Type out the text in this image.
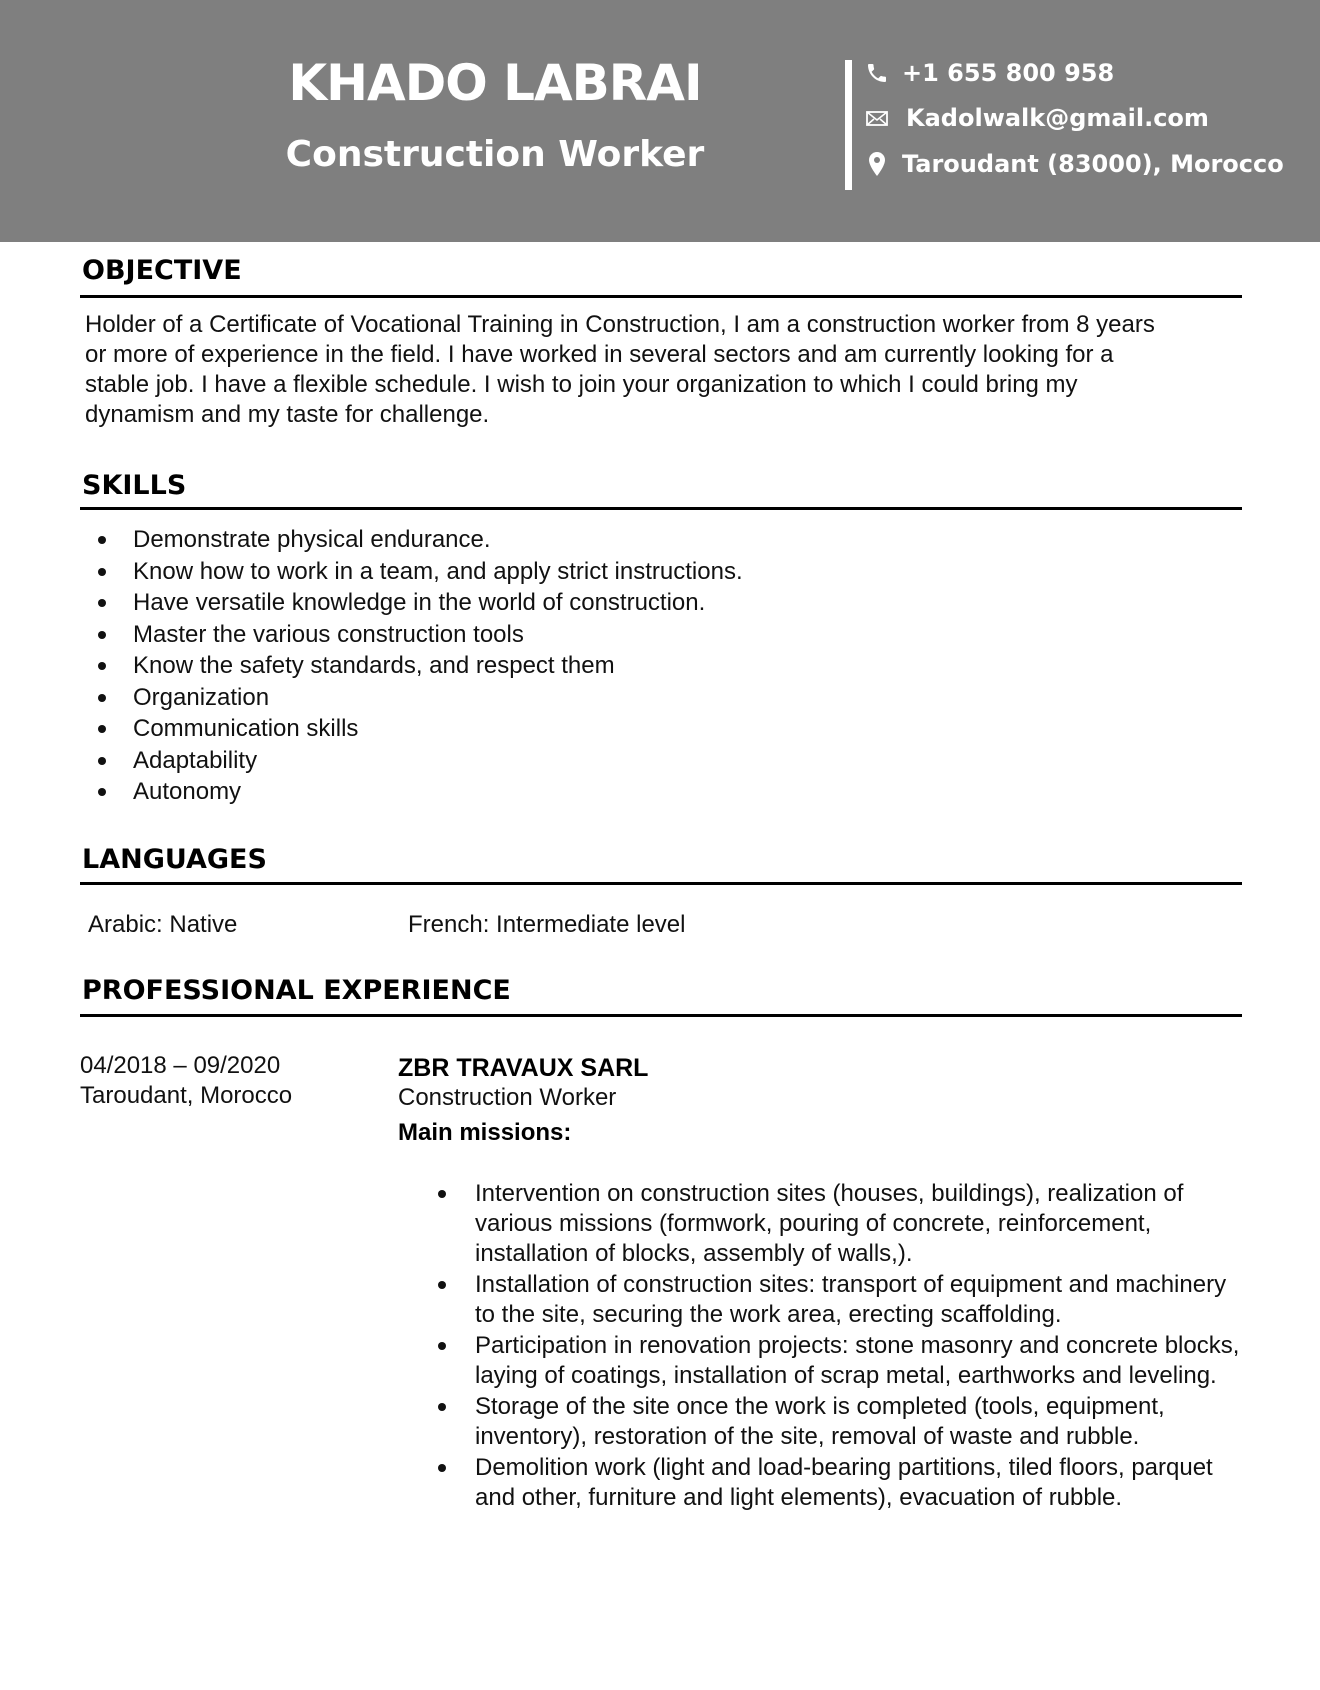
KHADO LABRAI
Construction Worker
+1 655 800 958
Kadolwalk@gmail.com
Taroudant (83000), Morocco
OBJECTIVE
Holder of a Certificate of Vocational Training in Construction, I am a construction worker from 8 years
or more of experience in the field. I have worked in several sectors and am currently looking for a
stable job. I have a flexible schedule. I wish to join your organization to which I could bring my
dynamism and my taste for challenge.
SKILLS
Demonstrate physical endurance.
Know how to work in a team, and apply strict instructions.
Have versatile knowledge in the world of construction.
Master the various construction tools
Know the safety standards, and respect them
Organization
Communication skills
Adaptability
Autonomy
LANGUAGES

Arabic: Native	French: Intermediate level

PROFESSIONAL EXPERIENCE
04/2018 – 09/2020
Taroudant, Morocco

ZBR TRAVAUX SARL

Construction Worker

Main missions:

Intervention on construction sites (houses, buildings), realization of
various missions (formwork, pouring of concrete, reinforcement,
installation of blocks, assembly of walls,).
Installation of construction sites: transport of equipment and machinery
to the site, securing the work area, erecting scaffolding.
Participation in renovation projects: stone masonry and concrete blocks,
laying of coatings, installation of scrap metal, earthworks and leveling.
Storage of the site once the work is completed (tools, equipment,
inventory), restoration of the site, removal of waste and rubble.
Demolition work (light and load-bearing partitions, tiled floors, parquet
and other, furniture and light elements), evacuation of rubble.
